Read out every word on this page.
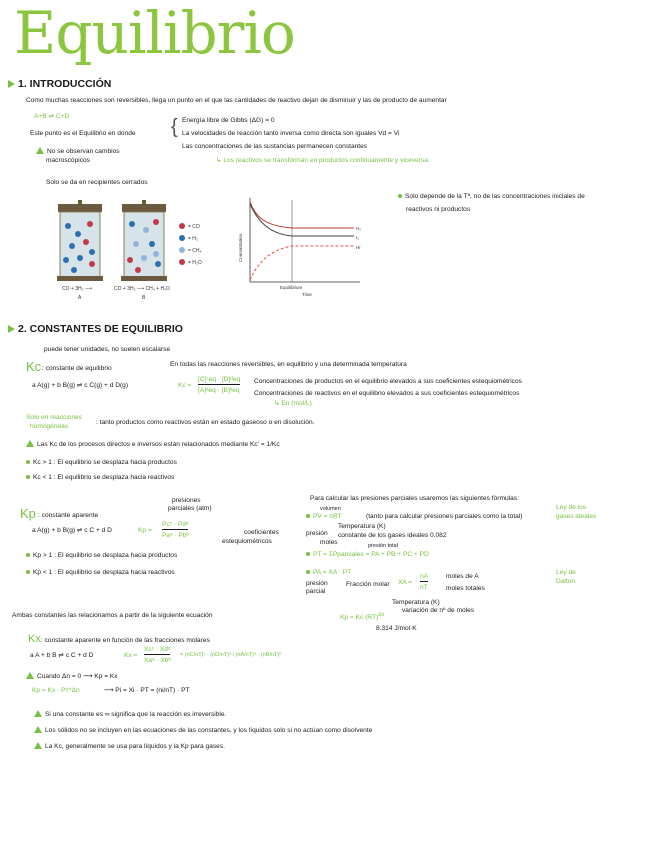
Equilibrio
1. INTRODUCCIÓN
Como muchas reacciones son reversibles, llega un punto en el que las cantidades de reactivo dejan de disminuir y las de producto de aumentar
A+B ⇌ C+D
Este punto es el Equilibrio en donde { Energía libre de Gibbs (ΔG) = 0
La velocidades de reacción tanto inversa como directa son iguales Vd = Vi
Las concentraciones de las sustancias permanecen constantes
↳ Los reactivos se transforman en productos continuamente y viceversa.
No se observan cambios
macroscópicos
Solo se da en recipientes cerrados
Solo depende de la Tª, no de las concentraciones iniciales de
reactivos ni productos
= CO
= H₂
= CH₄
= H₂O
CO + 3H₂ ⟶	CO + 3H₂ ⟶ CH₄ + H₂O
A	B
H₂
I₂
HI
Concentration
Equilibrium
Time
2. CONSTANTES DE EQUILIBRIO
puede tener unidades, no suelen escalarse
Kc : constante de equilibrio
En todas las reacciones reversibles, en equilibrio y una determinada temperatura
a A(g) + b B(g) ⇌ c C(g) + d D(g)	Kc =
[C]ᶜeq · [D]ᵈeq
[A]ᵃeq · [B]ᵇeq
Concentraciones de productos en el equilibrio elevados a sus coeficientes estequiométricos
Concentraciones de reactivos en el equilibrio elevados a sus coeficientes estequiométricos
↳ En (mol/L)
Solo en reacciones
homogéneas
: tanto productos como reactivos están en estado gaseoso o en disolución.
Las Kc de los procesos directos e inversos están relacionados mediante Kc' = 1/Kc
Kc > 1 : El equilibrio se desplaza hacia productos
Kc < 1 : El equilibrio se desplaza hacia reactivos
presiones
parciales (atm)
Kp : constante aparente
a A(g) + b B(g) ⇌ c C + d D	Kp =
Pcᶜ · Pdᵈ
Paᵃ · Pbᵇ	coeficientes
estequiométricos
Kp > 1 : El equilibrio se desplaza hacia productos
Kp < 1 : El equilibrio se desplaza hacia reactivos
Para calcular las presiones parciales usaremos las siguientes fórmulas:
volumen
PV = nRT	(tanto para calcular presiones parciales como la total)
Temperatura (K)
presión constante de los gases ideales 0.082
moles
Ley de los
gases ideales
presión total
PT = ΣPparciales = PA + PB + PC + PD
PA = XA · PT
presión
parcial
Fracción molar XA =
nA
nT
moles de A
moles totales
Ley de
Dalton
Ambas constantes las relacionamos a partir de la siguiente ecuación	Kp = Kc (RT)$^{\Delta n}$
Temperatura (K)
variación de nº de moles
8.314 J/mol·K
Kx: constante aparente en función de las fracciones molares
a A + b B ⇌ c C + d D	Kx =
Xcᶜ · Xdᵈ
Xaᵃ · Xbᵇ
= (nC/nT)ᶜ · (nD/nT)ᵈ / (nA/nT)ᵃ · (nB/nT)ᵇ
Cuando Δn = 0 ⟶ Kp = Kx
Kp = Kx · Pᴛ^Δn	⟶ Pi = Xi · PT = (ni/nT) · PT
Si una constante es ∞ significa que la reacción es irreversible.
Los sólidos no se incluyen en las ecuaciones de las constantes, y los líquidos solo si no actúan como disolvente
La Kc, generalmente se usa para líquidos y la Kp para gases.
